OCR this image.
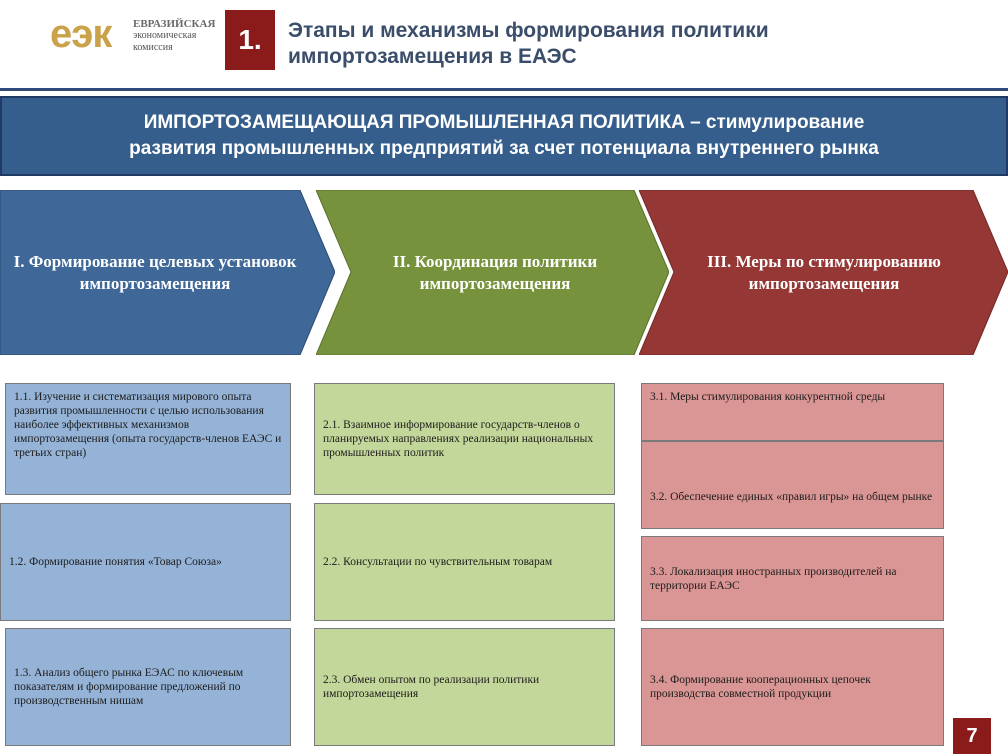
еэк ЕВРАЗИЙСКАЯ
экономическая
комиссия	1.	Этапы и механизмы формирования политики
импортозамещения в ЕАЭС
ИМПОРТОЗАМЕЩАЮЩАЯ ПРОМЫШЛЕННАЯ ПОЛИТИКА – стимулирование
развития промышленных предприятий за счет потенциала внутреннего рынка
I. Формирование целевых установок импортозамещения
II. Координация политики импортозамещения
III. Меры по стимулированию импортозамещения
1.1. Изучение и систематизация мирового опыта развития промышленности с целью использования наиболее эффективных механизмов импортозамещения (опыта государств-членов ЕАЭС и третьих стран)
1.2. Формирование понятия «Товар Союза»
1.3. Анализ общего рынка ЕЭАС по ключевым показателям и формирование предложений по производственным нишам
2.1. Взаимное информирование государств-членов о планируемых направлениях реализации национальных промышленных политик
2.2. Консультации по чувствительным товарам
2.3. Обмен опытом по реализации политики импортозамещения
3.1. Меры стимулирования конкурентной среды
3.2. Обеспечение единых «правил игры» на общем рынке
3.3. Локализация иностранных производителей на территории ЕАЭС
3.4. Формирование кооперационных цепочек производства совместной продукции
7
